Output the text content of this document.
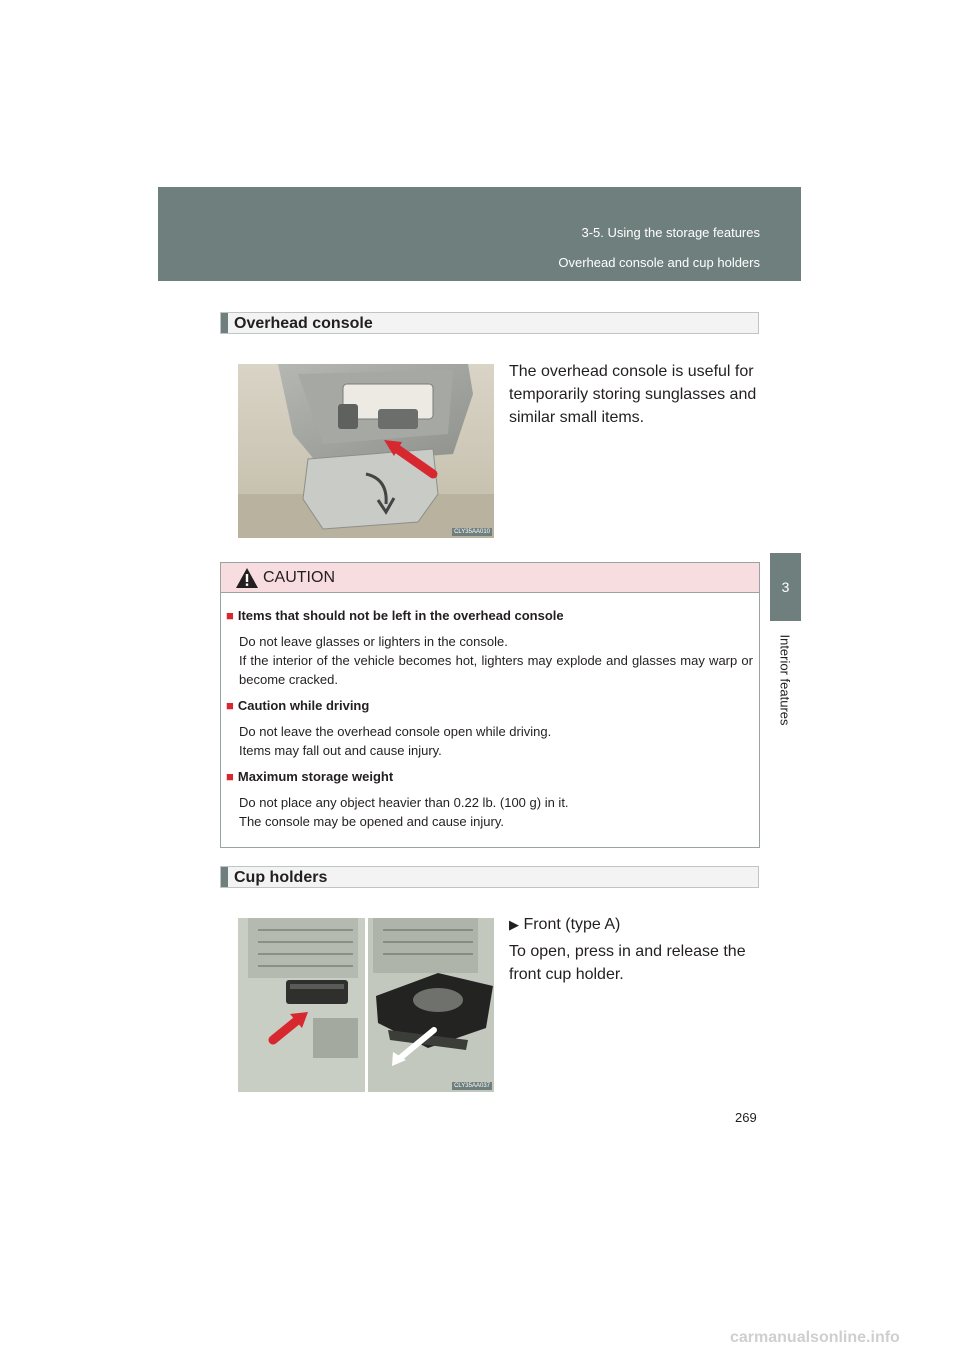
3-5. Using the storage features
Overhead console and cup holders
3
Interior features
Overhead console
CLY35AA010
The overhead console is useful for
temporarily storing sunglasses and
similar small items.
CAUTION
■ Items that should not be left in the overhead console
Do not leave glasses or lighters in the console.
If the interior of the vehicle becomes hot, lighters may explode and glasses may warp or become cracked.
■ Caution while driving
Do not leave the overhead console open while driving.
Items may fall out and cause injury.
■ Maximum storage weight
Do not place any object heavier than 0.22 lb. (100 g) in it.
The console may be opened and cause injury.
Cup holders
CLY35AA037
▶ Front (type A)
To open, press in and release the
front cup holder.
269
carmanualsonline.info
